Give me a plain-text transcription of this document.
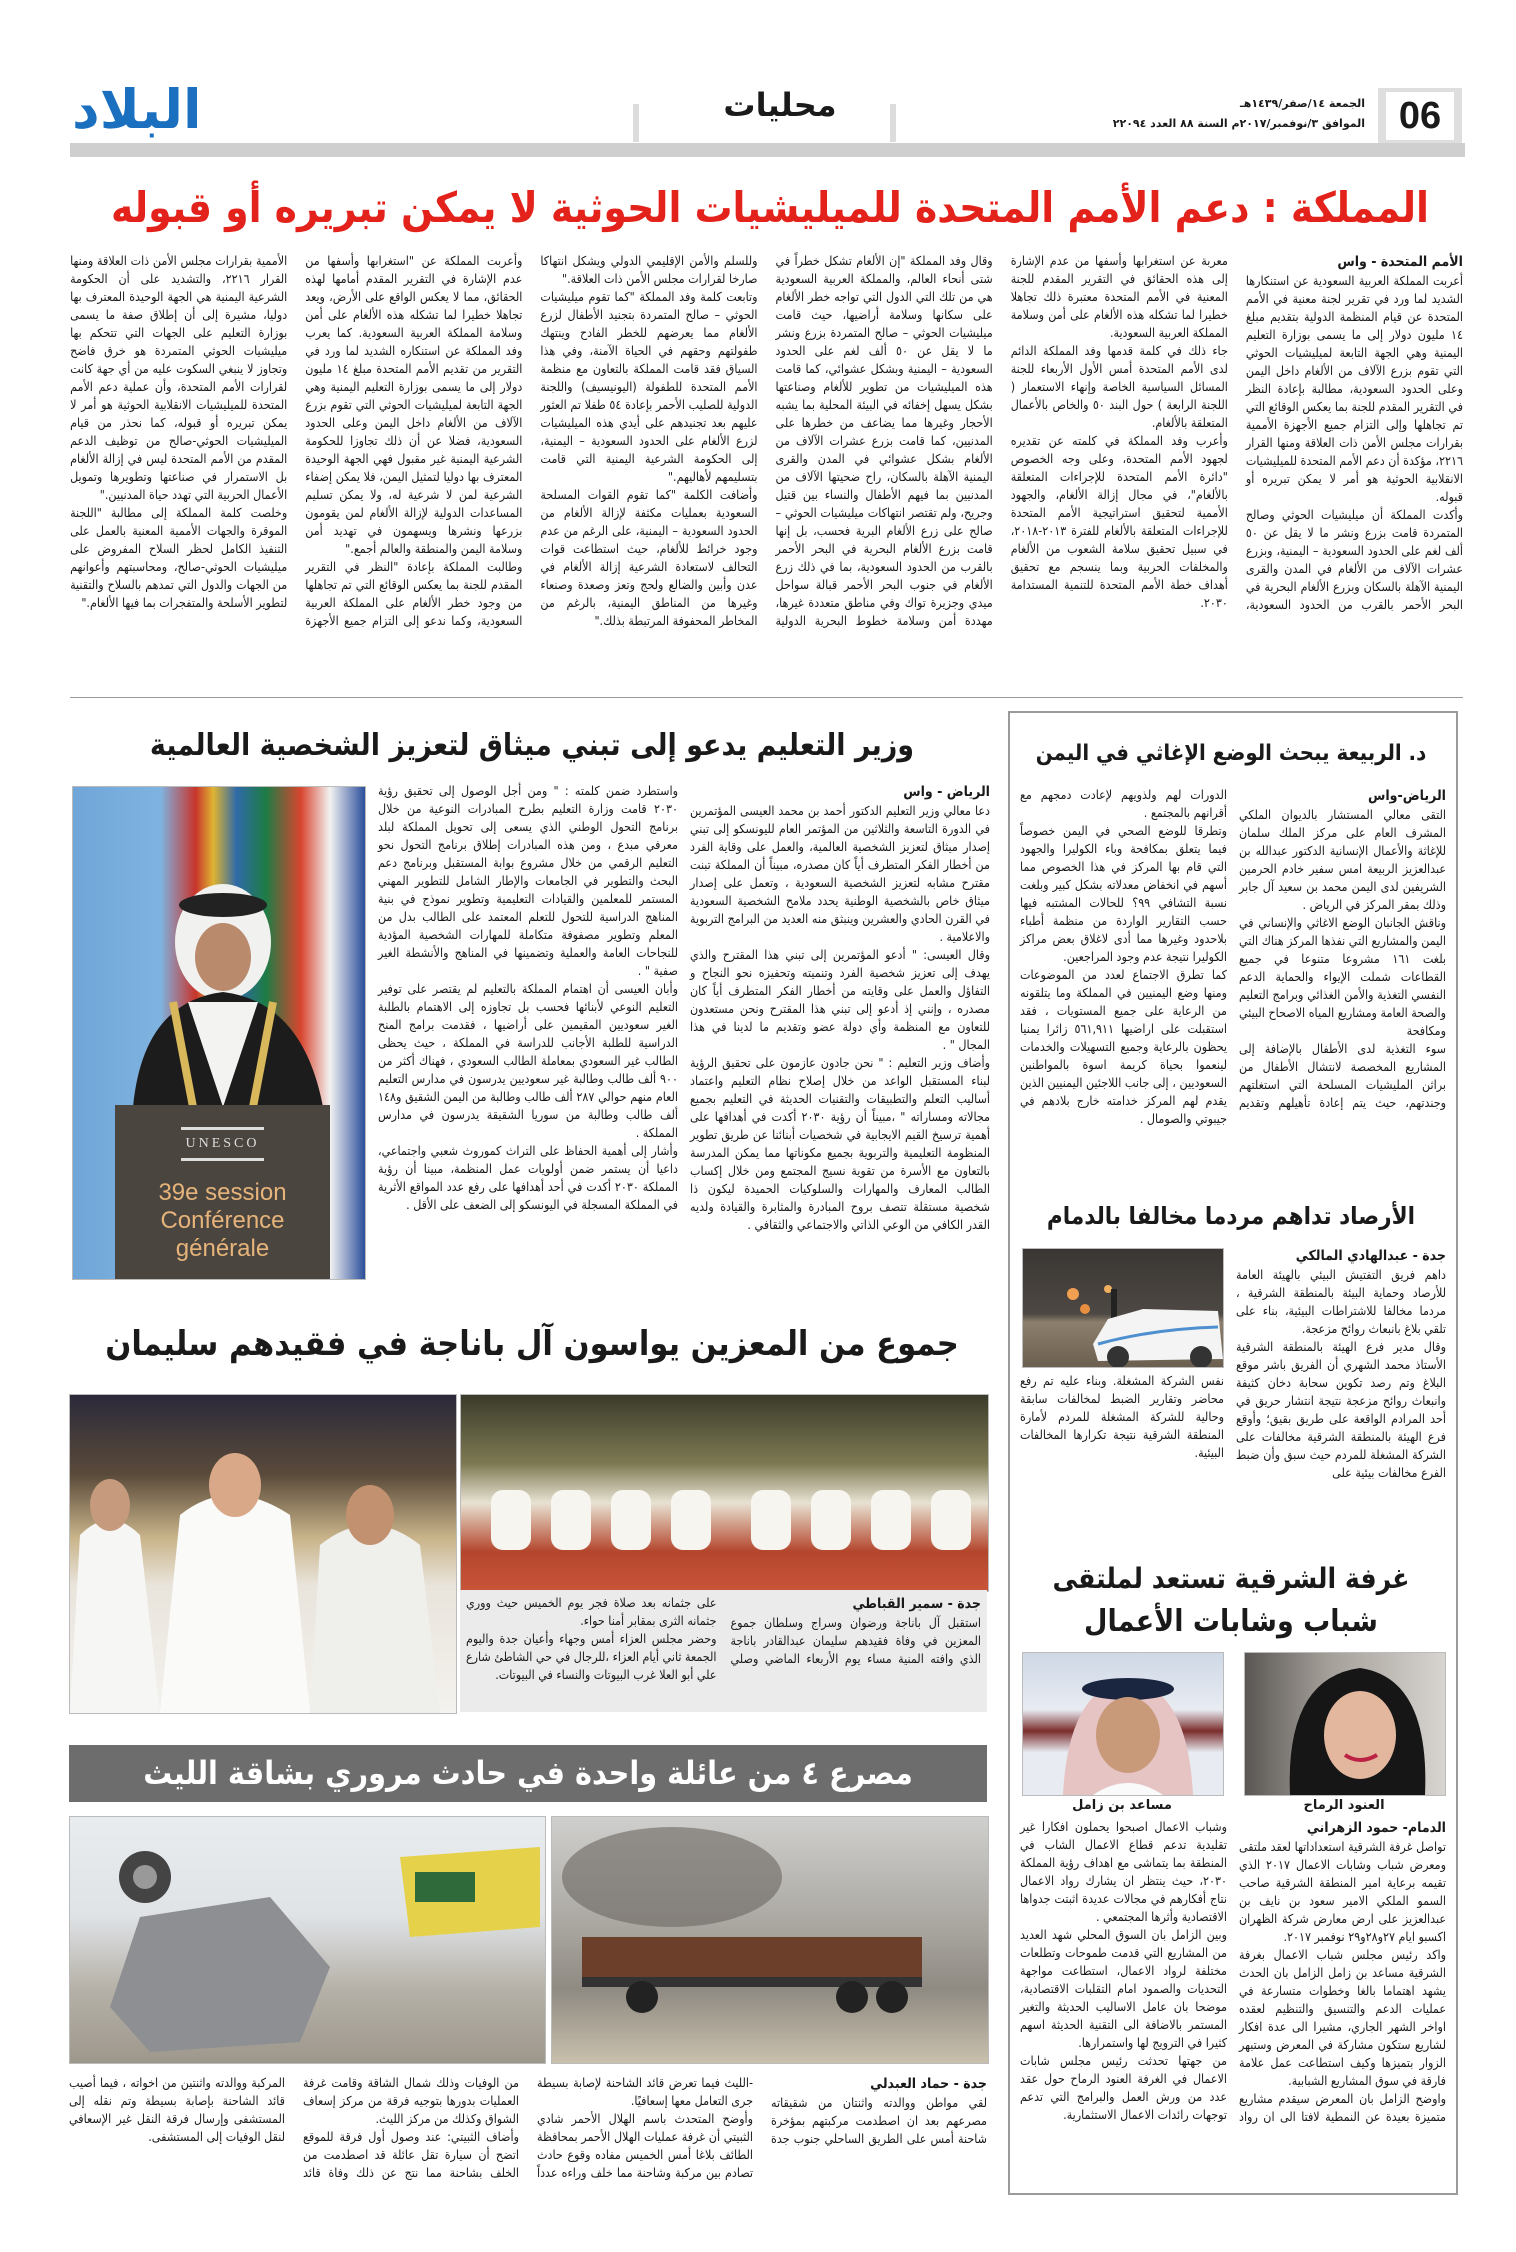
البلاد	محليات	الجمعة ١٤/صفر/١٤٣٩هـ
الموافق ٣/نوفمبر/٢٠١٧م السنة ٨٨ العدد ٢٢٠٩٤ 06
المملكة : دعم الأمم المتحدة للميليشيات الحوثية لا يمكن تبريره أو قبوله
الأمم المتحدة - واس

أعربت المملكة العربية السعودية عن استنكارها الشديد لما ورد في تقرير لجنة معنية في الأمم المتحدة عن قيام المنظمة الدولية بتقديم مبلغ ١٤ مليون دولار إلى ما يسمى بوزارة التعليم اليمنية وهي الجهة التابعة لميليشيات الحوثي التي تقوم بزرع الآلاف من الألغام داخل اليمن وعلى الحدود السعودية، مطالبة بإعادة النظر في التقرير المقدم للجنة بما يعكس الوقائع التي تم تجاهلها وإلى التزام جميع الأجهزة الأممية بقرارات مجلس الأمن ذات العلاقة ومنها القرار ٢٢١٦، مؤكدة أن دعم الأمم المتحدة للميليشيات الانقلابية الحوثية هو أمر لا يمكن تبريره أو قبوله.

وأكدت المملكة أن ميليشيات الحوثي وصالح المتمردة قامت بزرع ونشر ما لا يقل عن ٥٠ ألف لغم على الحدود السعودية – اليمنية، وبزرع عشرات الآلاف من الألغام في المدن والقرى اليمنية الآهلة بالسكان وبزرع الألغام البحرية في البحر الأحمر بالقرب من الحدود السعودية، معربة عن استغرابها وأسفها من عدم الإشارة إلى هذه الحقائق في التقرير المقدم للجنة المعنية في الأمم المتحدة معتبرة ذلك تجاهلا خطيرا لما تشكله هذه الألغام على أمن وسلامة المملكة العربية السعودية.

جاء ذلك في كلمة قدمها وفد المملكة الدائم لدى الأمم المتحدة أمس الأول الأربعاء للجنة المسائل السياسية الخاصة وإنهاء الاستعمار ( اللجنة الرابعة ) حول البند ٥٠ والخاص بالأعمال المتعلقة بالألغام.

وأعرب وفد المملكة في كلمته عن تقديره لجهود الأمم المتحدة، وعلى وجه الخصوص "دائرة الأمم المتحدة للإجراءات المتعلقة بالألغام"، في مجال إزالة الألغام، والجهود الأممية لتحقيق استراتيجية الأمم المتحدة للإجراءات المتعلقة بالألغام للفترة ٢٠١٣-٢٠١٨، في سبيل تحقيق سلامة الشعوب من الألغام والمخلفات الحربية وبما ينسجم مع تحقيق أهداف خطة الأمم المتحدة للتنمية المستدامة ٢٠٣٠.

وقال وفد المملكة "إن الألغام تشكل خطراً في شتى أنحاء العالم، والمملكة العربية السعودية هي من تلك التي الدول التي تواجه خطر الألغام على سكانها وسلامة أراضيها، حيث قامت ميليشيات الحوثي – صالح المتمردة بزرع ونشر ما لا يقل عن ٥٠ ألف لغم على الحدود السعودية – اليمنية وبشكل عشوائي، كما قامت هذه الميليشيات من تطوير للألغام وصناعتها بشكل يسهل إخفائه في البيئة المحلية بما يشبه الأحجار وغيرها مما يضاعف من خطرها على المدنيين، كما قامت بزرع عشرات الآلاف من الألغام بشكل عشوائي في المدن والقرى اليمنية الآهلة بالسكان، راح ضحيتها الآلاف من المدنيين بما فيهم الأطفال والنساء بين قتيل وجريح، ولم تقتصر انتهاكات ميليشيات الحوثي – صالح على زرع الألغام البرية فحسب، بل إنها قامت بزرع الألغام البحرية في البحر الأحمر بالقرب من الحدود السعودية، بما في ذلك زرع الألغام في جنوب البحر الأحمر قبالة سواحل ميدي وجزيرة تواك وفي مناطق متعددة غيرها، مهددة أمن وسلامة خطوط البحرية الدولية وللسلم والأمن الإقليمي الدولي ويشكل انتهاكا صارخا لقرارات مجلس الأمن ذات العلاقة."

وتابعت كلمة وفد المملكة "كما تقوم ميليشيات الحوثي – صالح المتمردة بتجنيد الأطفال لزرع الألغام مما يعرضهم للخطر الفادح وينتهك طفولتهم وحقهم في الحياة الآمنة، وفي هذا السياق فقد قامت المملكة بالتعاون مع منظمة الأمم المتحدة للطفولة (اليونيسيف) واللجنة الدولية للصليب الأحمر بإعادة ٥٤ طفلا تم العثور عليهم بعد تجنيدهم على أيدي هذه الميليشيات لزرع الألغام على الحدود السعودية – اليمنية، إلى الحكومة الشرعية اليمنية التي قامت بتسليمهم لأهاليهم."

وأضافت الكلمة "كما تقوم القوات المسلحة السعودية بعمليات مكثفة لإزالة الألغام من الحدود السعودية – اليمنية، على الرغم من عدم وجود خرائط للألغام، حيث استطاعت قوات التحالف لاستعادة الشرعية إزالة الألغام في عدن وأبين والضالع ولحج وتعز وصعدة وصنعاء وغيرها من المناطق اليمنية، بالرغم من المخاطر المحفوفة المرتبطة بذلك."

وأعربت المملكة عن "استغرابها وأسفها من عدم الإشارة في التقرير المقدم أمامها لهذه الحقائق، مما لا يعكس الواقع على الأرض، ويعد تجاهلا خطيرا لما تشكله هذه الألغام على أمن وسلامة المملكة العربية السعودية. كما يعرب وفد المملكة عن استنكاره الشديد لما ورد في التقرير من تقديم الأمم المتحدة مبلغ ١٤ مليون دولار إلى ما يسمى بوزارة التعليم اليمنية وهي الجهة التابعة لميليشيات الحوثي التي تقوم بزرع الآلاف من الألغام داخل اليمن وعلى الحدود السعودية، فضلا عن أن ذلك تجاوزا للحكومة الشرعية اليمنية غير مقبول فهي الجهة الوحيدة المعترف بها دوليا لتمثيل اليمن، فلا يمكن إضفاء الشرعية لمن لا شرعية له، ولا يمكن تسليم المساعدات الدولية لإزالة الألغام لمن يقومون بزرعها ونشرها ويسهمون في تهديد أمن وسلامة اليمن والمنطقة والعالم أجمع."

وطالبت المملكة بإعادة "النظر في التقرير المقدم للجنة بما يعكس الوقائع التي تم تجاهلها من وجود خطر الألغام على المملكة العربية السعودية، وكما ندعو إلى التزام جميع الأجهزة الأممية بقرارات مجلس الأمن ذات العلاقة ومنها القرار ٢٢١٦، والتشديد على أن الحكومة الشرعية اليمنية هي الجهة الوحيدة المعترف بها دوليا، مشيرة إلى أن إطلاق صفة ما يسمى بوزارة التعليم على الجهات التي تتحكم بها ميليشيات الحوثي المتمردة هو خرق فاضح وتجاوز لا ينبغي السكوت عليه من أي جهة كانت لقرارات الأمم المتحدة، وأن عملية دعم الأمم المتحدة للميليشيات الانقلابية الحوثية هو أمر لا يمكن تبريره أو قبوله، كما نحذر من قيام الميليشيات الحوثي-صالح من توظيف الدعم المقدم من الأمم المتحدة ليس في إزالة الألغام بل الاستمرار في صناعتها وتطويرها وتمويل الأعمال الحربية التي تهدد حياة المدنيين."

وخلصت كلمة المملكة إلى مطالبة "اللجنة الموقرة والجهات الأممية المعنية بالعمل على التنفيذ الكامل لحظر السلاح المفروض على ميليشيات الحوثي-صالح، ومحاسبتهم وأعوانهم من الجهات والدول التي تمدهم بالسلاح والتقنية لتطوير الأسلحة والمتفجرات بما فيها الألغام."

وزير التعليم يدعو إلى تبني ميثاق لتعزيز الشخصية العالمية
UNESCO
39e session
Conférence
générale
الرياض - واس

دعا معالي وزير التعليم الدكتور أحمد بن محمد العيسى المؤتمرين في الدورة التاسعة والثلاثين من المؤتمر العام لليونسكو إلى تبني إصدار ميثاق لتعزيز الشخصية العالمية، والعمل على وقاية الفرد من أخطار الفكر المتطرف أياً كان مصدره، مبيناً أن المملكة تبنت مقترح مشابه لتعزيز الشخصية السعودية ، وتعمل على إصدار ميثاق خاص بالشخصية الوطنية يحدد ملامح الشخصية السعودية في القرن الحادي والعشرين وينبثق منه العديد من البرامج التربوية والاعلامية .

وقال العيسى: " أدعو المؤتمرين إلى تبني هذا المقترح والذي يهدف إلى تعزيز شخصية الفرد وتنميته وتحفيزه نحو النجاح و التفاؤل والعمل على وقايته من أخطار الفكر المتطرف أياً كان مصدره ، وإنني إذ أدعو إلى تبني هذا المقترح ونحن مستعدون للتعاون مع المنظمة وأي دولة عضو وتقديم ما لدينا في هذا المجال " .

وأضاف وزير التعليم : " نحن جادون عازمون على تحقيق الرؤية لبناء المستقبل الواعد من خلال إصلاح نظام التعليم واعتماد أساليب التعلم والتطبيقات والتقنيات الحديثة في التعليم بجميع مجالاته ومساراته " ،مبيناً أن رؤية ٢٠٣٠ أكدت في أهدافها على أهمية ترسيخ القيم الايجابية في شخصيات أبنائنا عن طريق تطوير المنظومة التعليمية والتربوية بجميع مكوناتها مما يمكن المدرسة بالتعاون مع الأسرة من تقوية نسيج المجتمع ومن خلال إكساب الطالب المعارف والمهارات والسلوكيات الحميدة ليكون ذا شخصية مستقلة تتصف بروح المبادرة والمثابرة والقيادة ولديه القدر الكافي من الوعي الذاتي والاجتماعي والثقافي .

واستطرد ضمن كلمته : " ومن أجل الوصول إلى تحقيق رؤية ٢٠٣٠ قامت وزارة التعليم بطرح المبادرات النوعية من خلال برنامج التحول الوطني الذي يسعى إلى تحويل المملكة لبلد معرفي مبدع ، ومن هذه المبادرات إطلاق برنامج التحول نحو التعليم الرقمي من خلال مشروع بوابة المستقبل وبرنامج دعم البحث والتطوير في الجامعات والإطار الشامل للتطوير المهني المستمر للمعلمين والقيادات التعليمية وتطوير نموذج في بنية المناهج الدراسية للتحول للتعلم المعتمد على الطالب بدل من المعلم وتطوير مصفوفة متكاملة للمهارات الشخصية المؤدية للنجاحات العامة والعملية وتضمينها في المناهج والأنشطة الغير صفية " .

وأبان العيسى أن اهتمام المملكة بالتعليم لم يقتصر على توفير التعليم النوعي لأبنائها فحسب بل تجاوزه إلى الاهتمام بالطلبة الغير سعوديين المقيمين على أراضيها ، فقدمت برامج المنح الدراسية للطلبة الأجانب للدراسة في المملكة ، حيث يحظى الطالب غير السعودي بمعاملة الطالب السعودي ، فهناك أكثر من ٩٠٠ ألف طالب وطالبة غير سعوديين يدرسون في مدارس التعليم العام منهم حوالي ٢٨٧ ألف طالب وطالبة من اليمن الشقيق و١٤٨ ألف طالب وطالبة من سوريا الشقيقة يدرسون في مدارس المملكة .

وأشار إلى أهمية الحفاظ على التراث كموروث شعبي واجتماعي، داعيا أن يستمر ضمن أولويات عمل المنظمة، مبينا أن رؤية المملكة ٢٠٣٠ أكدت في أحد أهدافها على رفع عدد المواقع الأثرية في المملكة المسجلة في اليونسكو إلى الضعف على الأقل .

د. الربيعة يبحث الوضع الإغاثي في اليمن
الرياض-واس

التقى معالي المستشار بالديوان الملكي المشرف العام على مركز الملك سلمان للإغاثة والأعمال الإنسانية الدكتور عبدالله بن عبدالعزيز الربيعة امس سفير خادم الحرمين الشريفين لدى اليمن محمد بن سعيد آل جابر وذلك بمقر المركز في الرياض .

وناقش الجانبان الوضع الاغاثي والإنساني في اليمن والمشاريع التي نفذها المركز هناك التي بلغت ١٦١ مشروعا متنوعا في جميع القطاعات شملت الإيواء والحماية الدعم النفسي التغذية والأمن الغذائي وبرامج التعليم والصحة العامة ومشاريع المياه الاصحاح البيئي ومكافحة

سوء التغذية لدى الأطفال بالإضافة إلى المشاريع المخصصة لانتشال الأطفال من براثن المليشيات المسلحة التي استغلتهم وجندتهم، حيث يتم إعادة تأهيلهم وتقديم الدورات لهم ولذويهم لإعادت دمجهم مع أقرانهم بالمجتمع .

وتطرقا للوضع الصحي في اليمن خصوصاً فيما يتعلق بمكافحة وباء الكوليرا والجهود التي قام بها المركز في هذا الخصوص مما أسهم في انخفاض معدلاته بشكل كبير وبلغت نسبة التشافي ٩٩؟ للحالات المشتبه فيها حسب التقارير الواردة من منظمة أطباء بلاحدود وغيرها مما أدى لاغلاق بعض مراكز الكوليرا نتيجة عدم وجود المراجعين.

كما تطرق الاجتماع لعدد من الموضوعات ومنها وضع اليمنيين في المملكة وما يتلقونه من الرعاية على جميع المستويات ، فقد استقبلت على اراضيها ٥٦١,٩١١ زائرا يمنيا يحظون بالرعاية وجميع التسهيلات والخدمات لينعموا بحياة كريمة اسوة بالمواطنين السعوديين ، إلى جانب اللاجئين اليمنيين الذين يقدم لهم المركز خدامته خارج بلادهم في جيبوتي والصومال .

الأرصاد تداهم مردما مخالفا بالدمام
جدة - عبدالهادي المالكي

داهم فريق التفتيش البيئي بالهيئة العامة للأرصاد وحماية البيئة بالمنطقة الشرقية ، مردما مخالفا للاشتراطات البيئية، بناء على تلقي بلاغ بانبعاث روائح مزعجة.

وقال مدير فرع الهيئة بالمنطقة الشرقية الأستاذ محمد الشهري أن الفريق باشر موقع البلاغ وتم رصد تكوين سحابة دخان كثيفة وانبعاث روائح مزعجة نتيجة انتشار حريق في أحد المرادم الواقعة على طريق بقيق؛ وأوقع فرع الهيئة بالمنطقة الشرقية مخالفات على الشركة المشغلة للمردم حيث سبق وأن ضبط الفرع مخالفات بيئية على

نفس الشركة المشغلة. وبناء عليه تم رفع محاضر وتقارير الضبط لمخالفات سابقة وحالية للشركة المشغلة للمردم لأمارة المنطقة الشرقية نتيجة تكرارها المخالفات البيئية.

غرفة الشرقية تستعد لملتقى
شباب وشابات الأعمال
العنود الرماح
مساعد بن زامل
الدمام- حمود الزهراني

تواصل غرفة الشرقية استعداداتها لعقد ملتقى ومعرض شباب وشابات الاعمال ٢٠١٧ الذي تقيمه برعاية امير المنطقة الشرقية صاحب السمو الملكي الامير سعود بن نايف بن عبدالعزيز على ارض معارض شركة الظهران اكسبو ايام ٢٧و٢٨و٢٩ نوفمبر ٢٠١٧.

واكد رئيس مجلس شباب الاعمال بغرفة الشرقية مساعد بن زامل الزامل بان الحدث يشهد اهتماما بالغا وخطوات متسارعة في عمليات الدعم والتنسيق والتنظيم لعقده اواخر الشهر الجاري، مشيرا الى عدة افكار لشاريع ستكون مشاركة في المعرض وستبهر الزوار بتميزها وكيف استطاعت عمل علامة فارقة في سوق المشاريع الشبابية.

واوضح الزامل بان المعرض سيقدم مشاريع متميزة بعيدة عن النمطية لافتا الى ان رواد وشباب الاعمال اصبحوا يحملون افكارا غير تقليدية تدعم قطاع الاعمال الشاب في المنطقة بما يتماشى مع اهداف رؤية المملكة ٢٠٣٠، حيث ينتظر ان يشارك رواد الاعمال نتاج أفكارهم في مجالات عديدة اثبتت جدواها الاقتصادية وأثرها المجتمعي .

وبين الزامل بان السوق المحلي شهد العديد من المشاريع التي قدمت طموحات وتطلعات مختلفة لرواد الاعمال، استطاعت مواجهة التحديات والصمود امام التقلبات الاقتصادية، موضحا بان عامل الاساليب الحديثة والتغير المستمر بالاضافة الى التقنية الحديثة اسهم كثيرا في الترويج لها واستمرارها.

من جهتها تحدثت رئيس مجلس شابات الاعمال في الغرفة العنود الرماح حول عقد عدد من ورش العمل والبرامج التي تدعم توجهات رائدات الاعمال الاستثمارية.

جموع من المعزين يواسون آل باناجة في فقيدهم سليمان
جدة - سمير القباطي

استقبل آل باناجة ورضوان وسراج وسلطان جموع المعزين في وفاة فقيدهم سليمان عبدالقادر باناجة الذي وافته المنية مساء يوم الأربعاء الماضي وصلي على جثمانه بعد صلاة فجر يوم الخميس حيث ووري جثمانه الثرى بمقابر أمنا حواء.

وحضر مجلس العزاء أمس وجهاء وأعيان جدة واليوم الجمعة ثاني أيام العزاء ،للرجال في حي الشاطئ شارع علي أبو العلا غرب البيوتات والنساء في البيوتات.

مصرع ٤ من عائلة واحدة في حادث مروري بشاقة الليث
جدة - حماد العبدلي

لقي مواطن ووالدته واثنتان من شقيقاته مصرعهم بعد ان اصطدمت مركبتهم بمؤخرة شاحنة أمس على الطريق الساحلي جنوب جدة -الليث فيما تعرض قائد الشاحنة لإصابة بسيطة جرى التعامل معها إسعافيًا.

وأوضح المتحدث باسم الهلال الأحمر شادي الثبيتي أن غرفة عمليات الهلال الأحمر بمحافظة الطائف بلاغا أمس الخميس مفاده وقوع حادث تصادم بين مركبة وشاحنة مما خلف وراءه عدداً من الوفيات وذلك شمال الشاقة وقامت غرفة العمليات بدورها بتوجيه فرقة من مركز إسعاف الشواق وكذلك من مركز الليث.

وأضاف الثبيتي: عند وصول أول فرقة للموقع اتضح أن سيارة تقل عائلة قد اصطدمت من الخلف بشاحنة مما نتج عن ذلك وفاة قائد المركبة ووالدته واثنتين من اخواته ، فيما أصيب قائد الشاحنة بإصابة بسيطة وتم نقله إلى المستشفى وإرسال فرقة النقل غير الإسعافي لنقل الوفيات إلى المستشفى.
